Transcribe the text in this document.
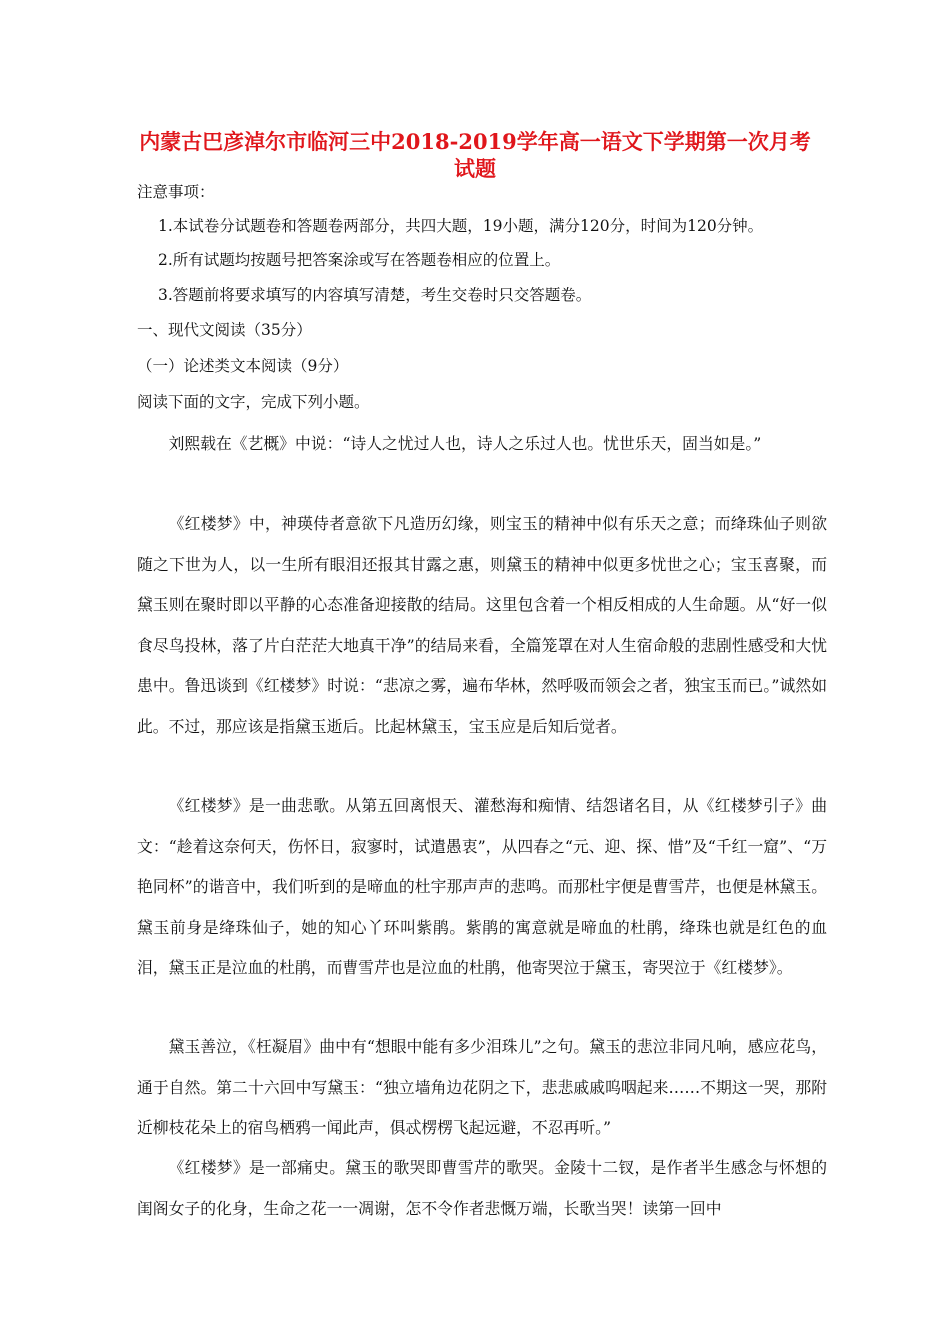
内蒙古巴彦淖尔市临河三中2018-2019学年高一语文下学期第一次月考试题
注意事项：
1.本试卷分试题卷和答题卷两部分，共四大题，19小题，满分120分，时间为120分钟。
2.所有试题均按题号把答案涂或写在答题卷相应的位置上。
3.答题前将要求填写的内容填写清楚，考生交卷时只交答题卷。
一、现代文阅读（35分）
（一）论述类文本阅读（9分）
阅读下面的文字，完成下列小题。
刘熙载在《艺概》中说：“诗人之忧过人也，诗人之乐过人也。忧世乐天，固当如是。”
《红楼梦》中，神瑛侍者意欲下凡造历幻缘，则宝玉的精神中似有乐天之意；而绛珠仙子则欲随之下世为人，以一生所有眼泪还报其甘露之惠，则黛玉的精神中似更多忧世之心；宝玉喜聚，而黛玉则在聚时即以平静的心态准备迎接散的结局。这里包含着一个相反相成的人生命题。从“好一似食尽鸟投林，落了片白茫茫大地真干净”的结局来看，全篇笼罩在对人生宿命般的悲剧性感受和大忧患中。鲁迅谈到《红楼梦》时说：“悲凉之雾，遍布华林，然呼吸而领会之者，独宝玉而已。”诚然如此。不过，那应该是指黛玉逝后。比起林黛玉，宝玉应是后知后觉者。
《红楼梦》是一曲悲歌。从第五回离恨天、灌愁海和痴情、结怨诸名目，从《红楼梦引子》曲文：“趁着这奈何天，伤怀日，寂寥时，试遣愚衷”，从四春之“元、迎、探、惜”及“千红一窟”、“万艳同杯”的谐音中，我们听到的是啼血的杜宇那声声的悲鸣。而那杜宇便是曹雪芹，也便是林黛玉。黛玉前身是绛珠仙子，她的知心丫环叫紫鹃。紫鹃的寓意就是啼血的杜鹃，绛珠也就是红色的血泪，黛玉正是泣血的杜鹃，而曹雪芹也是泣血的杜鹃，他寄哭泣于黛玉，寄哭泣于《红楼梦》。
黛玉善泣，《枉凝眉》曲中有“想眼中能有多少泪珠儿”之句。黛玉的悲泣非同凡响，感应花鸟，通于自然。第二十六回中写黛玉：“独立墙角边花阴之下，悲悲戚戚呜咽起来……不期这一哭，那附近柳枝花朵上的宿鸟栖鸦一闻此声，俱忒楞楞飞起远避，不忍再听。”
《红楼梦》是一部痛史。黛玉的歌哭即曹雪芹的歌哭。金陵十二钗，是作者半生感念与怀想的闺阁女子的化身，生命之花一一凋谢，怎不令作者悲慨万端，长歌当哭！读第一回中
